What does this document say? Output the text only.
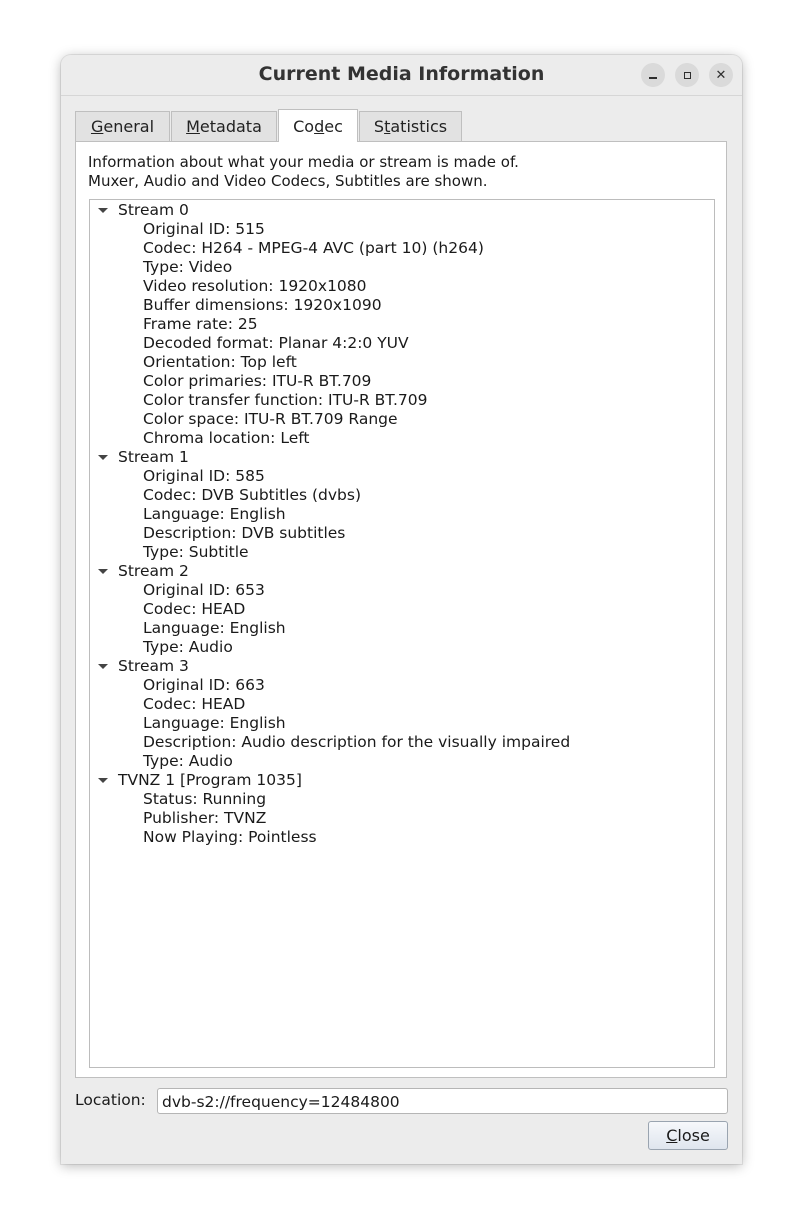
Current Media Information	✕
G eneral M etadata Co d ec S t atistics
Information about what your media or stream is made of.
Muxer, Audio and Video Codecs, Subtitles are shown.
Stream 0
Original ID: 515
Codec: H264 - MPEG-4 AVC (part 10) (h264)
Type: Video
Video resolution: 1920x1080
Buffer dimensions: 1920x1090
Frame rate: 25
Decoded format: Planar 4:2:0 YUV
Orientation: Top left
Color primaries: ITU-R BT.709
Color transfer function: ITU-R BT.709
Color space: ITU-R BT.709 Range
Chroma location: Left
Stream 1
Original ID: 585
Codec: DVB Subtitles (dvbs)
Language: English
Description: DVB subtitles
Type: Subtitle
Stream 2
Original ID: 653
Codec: HEAD
Language: English
Type: Audio
Stream 3
Original ID: 663
Codec: HEAD
Language: English
Description: Audio description for the visually impaired
Type: Audio
TVNZ 1 [Program 1035]
Status: Running
Publisher: TVNZ
Now Playing: Pointless
Location:
dvb-s2://frequency=12484800
C lose
